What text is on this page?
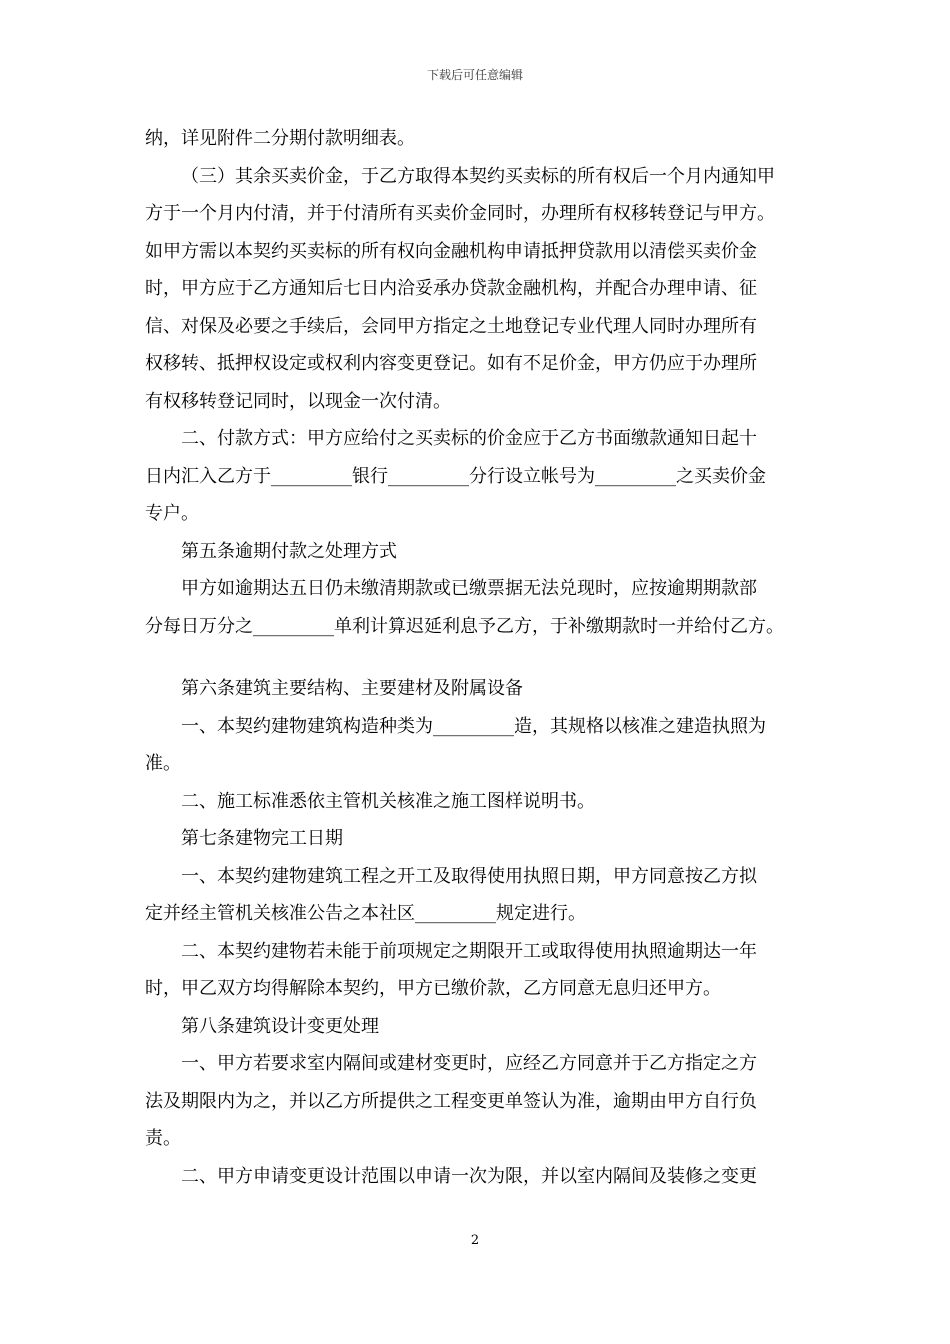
下载后可任意编辑
纳，详见附件二分期付款明细表。
（三）其余买卖价金，于乙方取得本契约买卖标的所有权后一个月内通知甲
方于一个月内付清，并于付清所有买卖价金同时，办理所有权移转登记与甲方。
如甲方需以本契约买卖标的所有权向金融机构申请抵押贷款用以清偿买卖价金
时，甲方应于乙方通知后七日内洽妥承办贷款金融机构，并配合办理申请、征
信、对保及必要之手续后，会同甲方指定之土地登记专业代理人同时办理所有
权移转、抵押权设定或权利内容变更登记。如有不足价金，甲方仍应于办理所
有权移转登记同时，以现金一次付清。
二、付款方式：甲方应给付之买卖标的价金应于乙方书面缴款通知日起十
日内汇入乙方于_________银行_________分行设立帐号为_________之买卖价金
专户。
第五条逾期付款之处理方式
甲方如逾期达五日仍未缴清期款或已缴票据无法兑现时，应按逾期期款部
分每日万分之_________单利计算迟延利息予乙方，于补缴期款时一并给付乙方。
第六条建筑主要结构、主要建材及附属设备
一、本契约建物建筑构造种类为_________造，其规格以核准之建造执照为
准。
二、施工标准悉依主管机关核准之施工图样说明书。
第七条建物完工日期
一、本契约建物建筑工程之开工及取得使用执照日期，甲方同意按乙方拟
定并经主管机关核准公告之本社区_________规定进行。
二、本契约建物若未能于前项规定之期限开工或取得使用执照逾期达一年
时，甲乙双方均得解除本契约，甲方已缴价款，乙方同意无息归还甲方。
第八条建筑设计变更处理
一、甲方若要求室内隔间或建材变更时，应经乙方同意并于乙方指定之方
法及期限内为之，并以乙方所提供之工程变更单签认为准，逾期由甲方自行负
责。
二、甲方申请变更设计范围以申请一次为限，并以室内隔间及装修之变更
2
